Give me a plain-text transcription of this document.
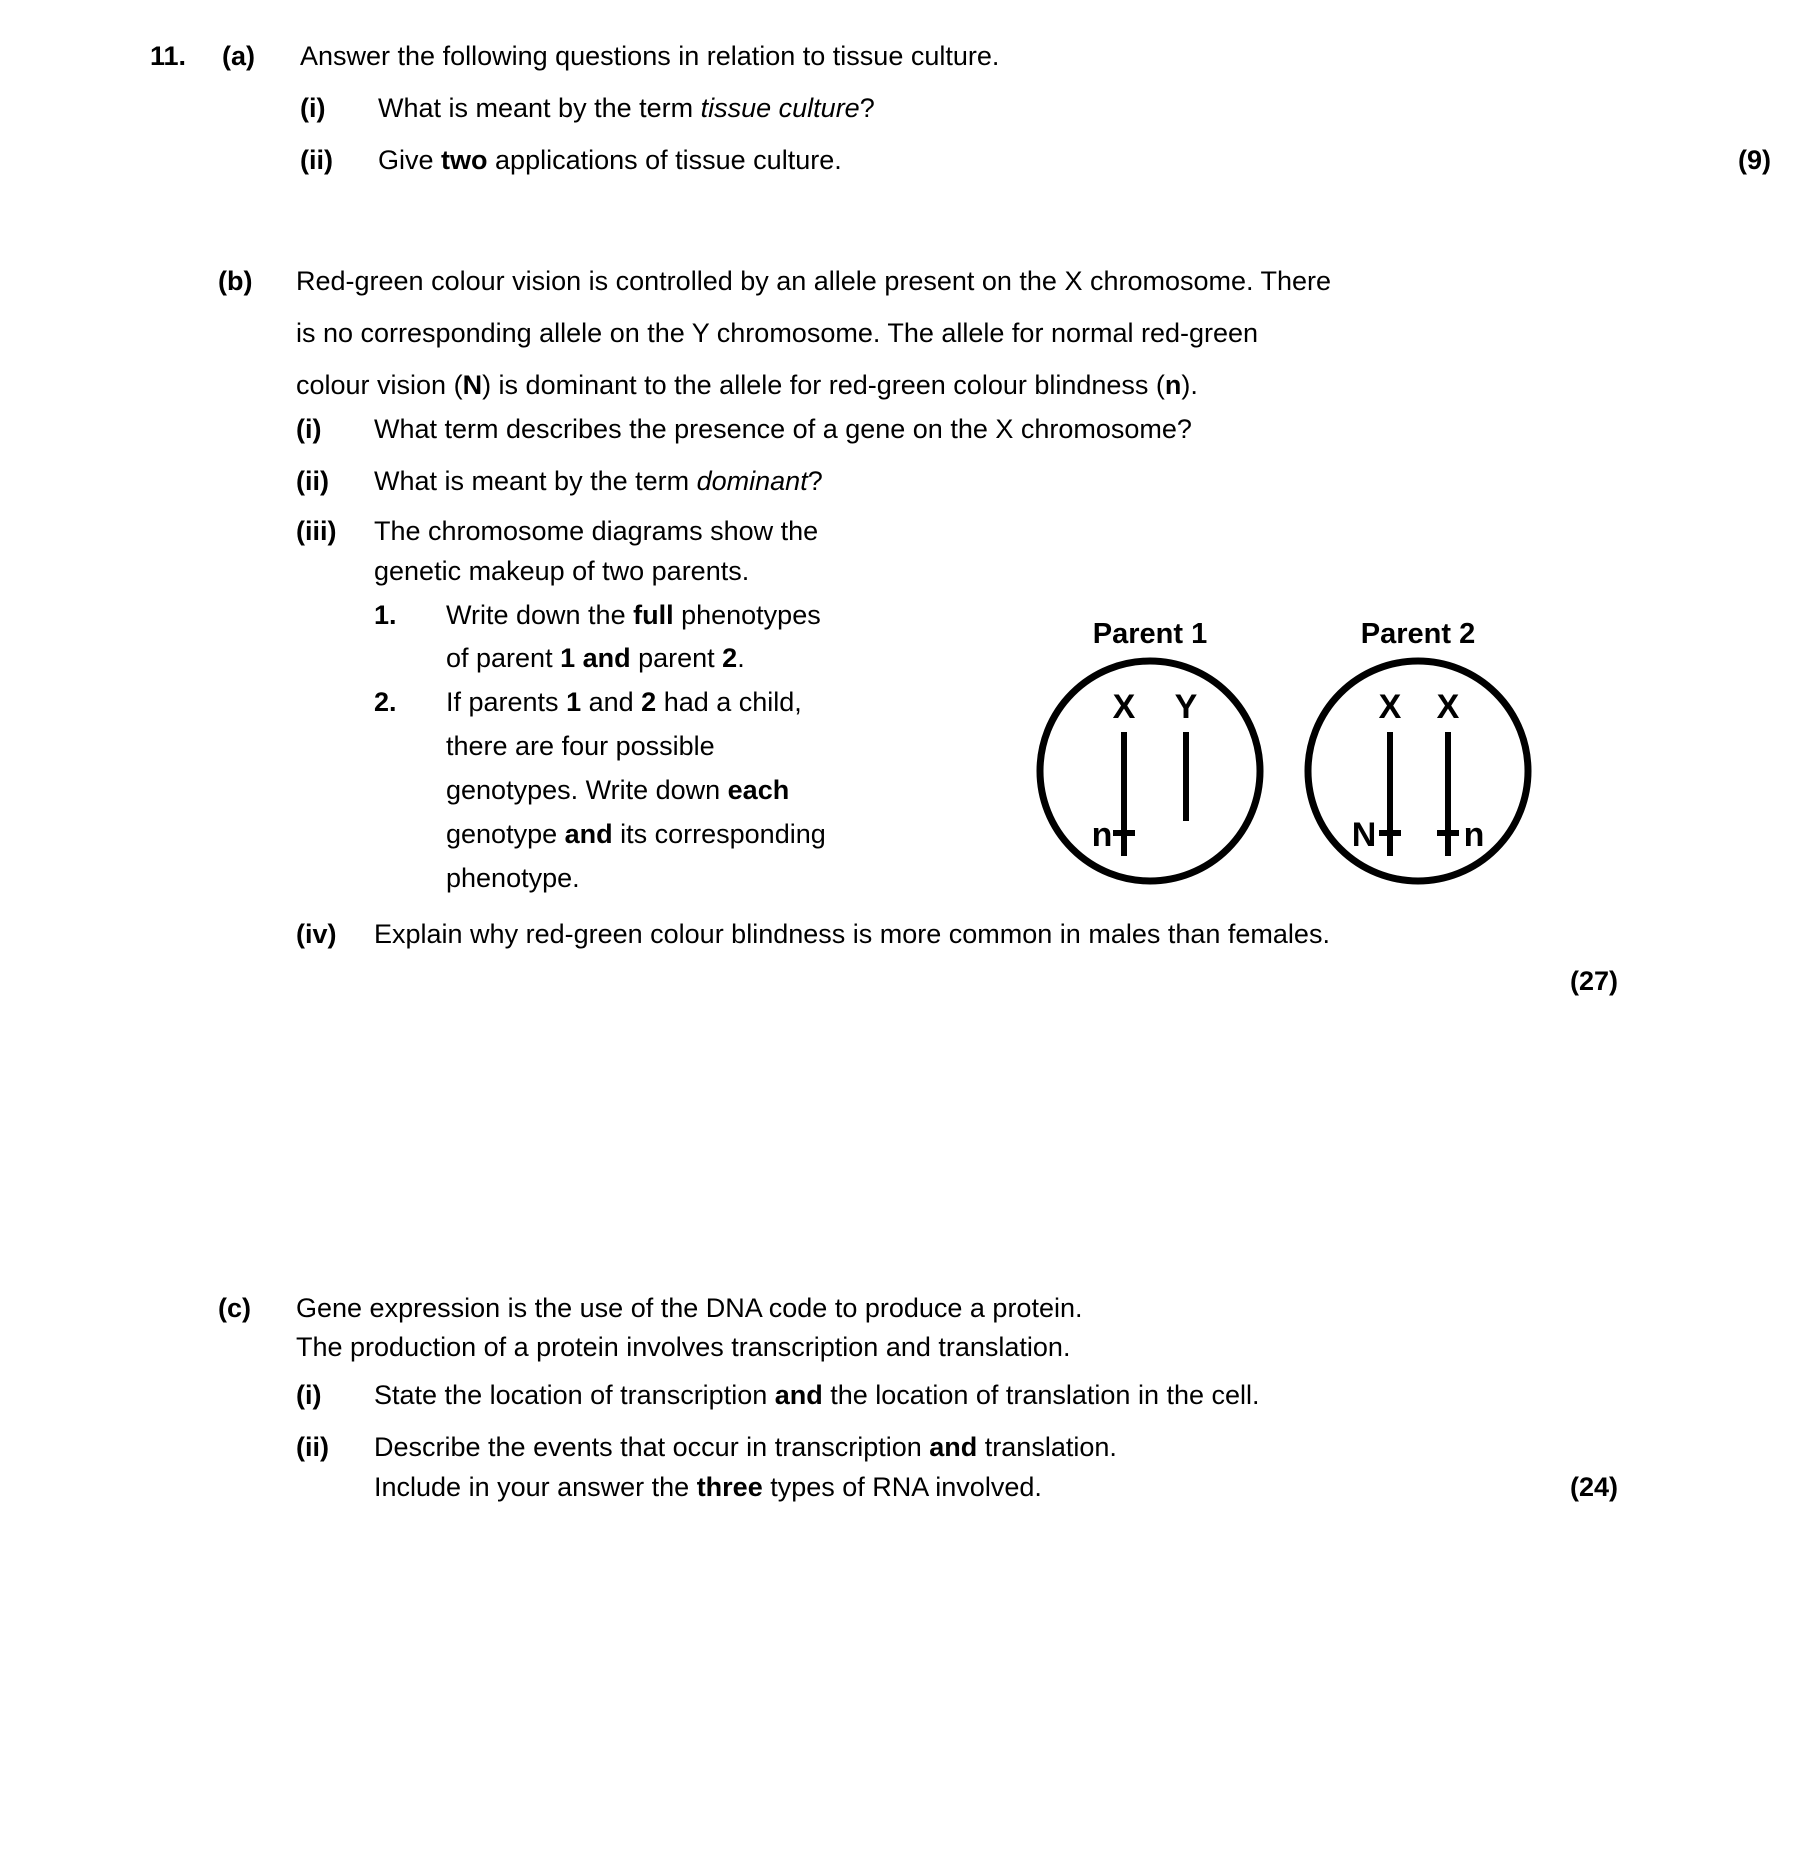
11.	(a)	Answer the following questions in relation to tissue culture.
(i)	What is meant by the term tissue culture?
(ii)	Give two applications of tissue culture.	(9)
(b)	Red-green colour vision is controlled by an allele present on the X chromosome. There
is no corresponding allele on the Y chromosome. The allele for normal red-green
colour vision (N) is dominant to the allele for red-green colour blindness (n).
(i)	What term describes the presence of a gene on the X chromosome?
(ii)	What is meant by the term dominant?
(iii)	The chromosome diagrams show the
genetic makeup of two parents.
1.	Write down the full phenotypes
of parent 1 and parent 2.
2.	If parents 1 and 2 had a child,
there are four possible
genotypes. Write down each
genotype and its corresponding
phenotype.
(iv)	Explain why red-green colour blindness is more common in males than females.
(27)
Parent 1
X
n
Y
Parent 2
X
N
X
n
(c)	Gene expression is the use of the DNA code to produce a protein.
The production of a protein involves transcription and translation.
(i)	State the location of transcription and the location of translation in the cell.
(ii)	Describe the events that occur in transcription and translation.
Include in your answer the three types of RNA involved.	(24)
